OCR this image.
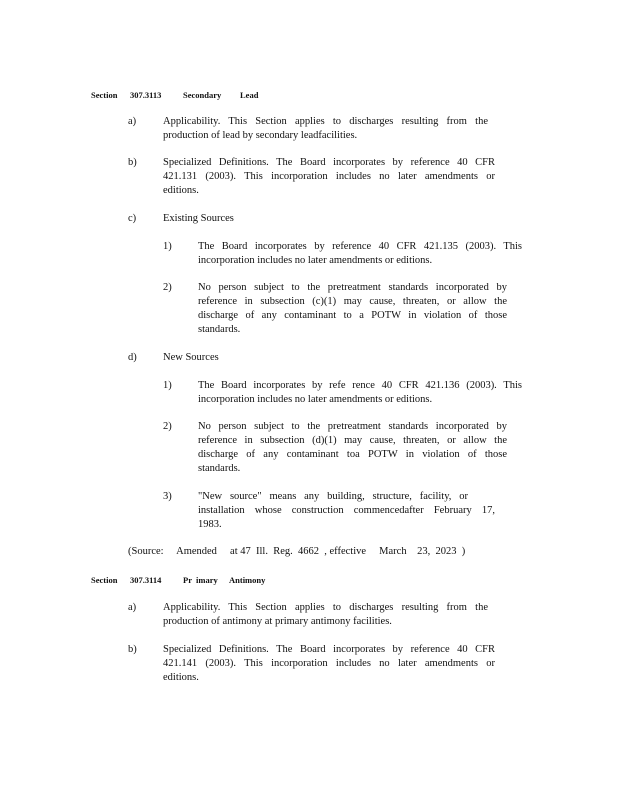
Section 307.3113	Secondary Lead
a)	Applicability. This Section applies to discharges resulting from the
production of lead by secondary leadfacilities.
b)	Specialized Definitions. The Board incorporates by reference 40 CFR
421.131 (2003). This incorporation includes no later amendments or
editions.
c)	Existing Sources
1)	The Board incorporates by reference 40 CFR 421.135 (2003). This
incorporation includes no later amendments or editions.
2)	No person subject to the pretreatment standards incorporated by
reference in subsection (c)(1) may cause, threaten, or allow the
discharge of any contaminant to a POTW in violation of those
standards.
d)	New Sources
1)	The Board incorporates by refe rence 40 CFR 421.136 (2003). This
incorporation includes no later amendments or editions.
2)	No person subject to the pretreatment standards incorporated by
reference in subsection (d)(1) may cause, threaten, or allow the
discharge of any contaminant toa POTW in violation of those
standards.
3)	"New source" means any building, structure, facility, or
installation whose construction commencedafter February 17,
1983.
(Source:     Amended     at 47  Ill.  Reg.  4662  , effective     March    23,  2023  )
Section 307.3114	Pr  imary Antimony
a)	Applicability. This Section applies to discharges resulting from the
production of antimony at primary antimony facilities.
b)	Specialized Definitions. The Board incorporates by reference 40 CFR
421.141 (2003). This incorporation includes no later amendments or
editions.
